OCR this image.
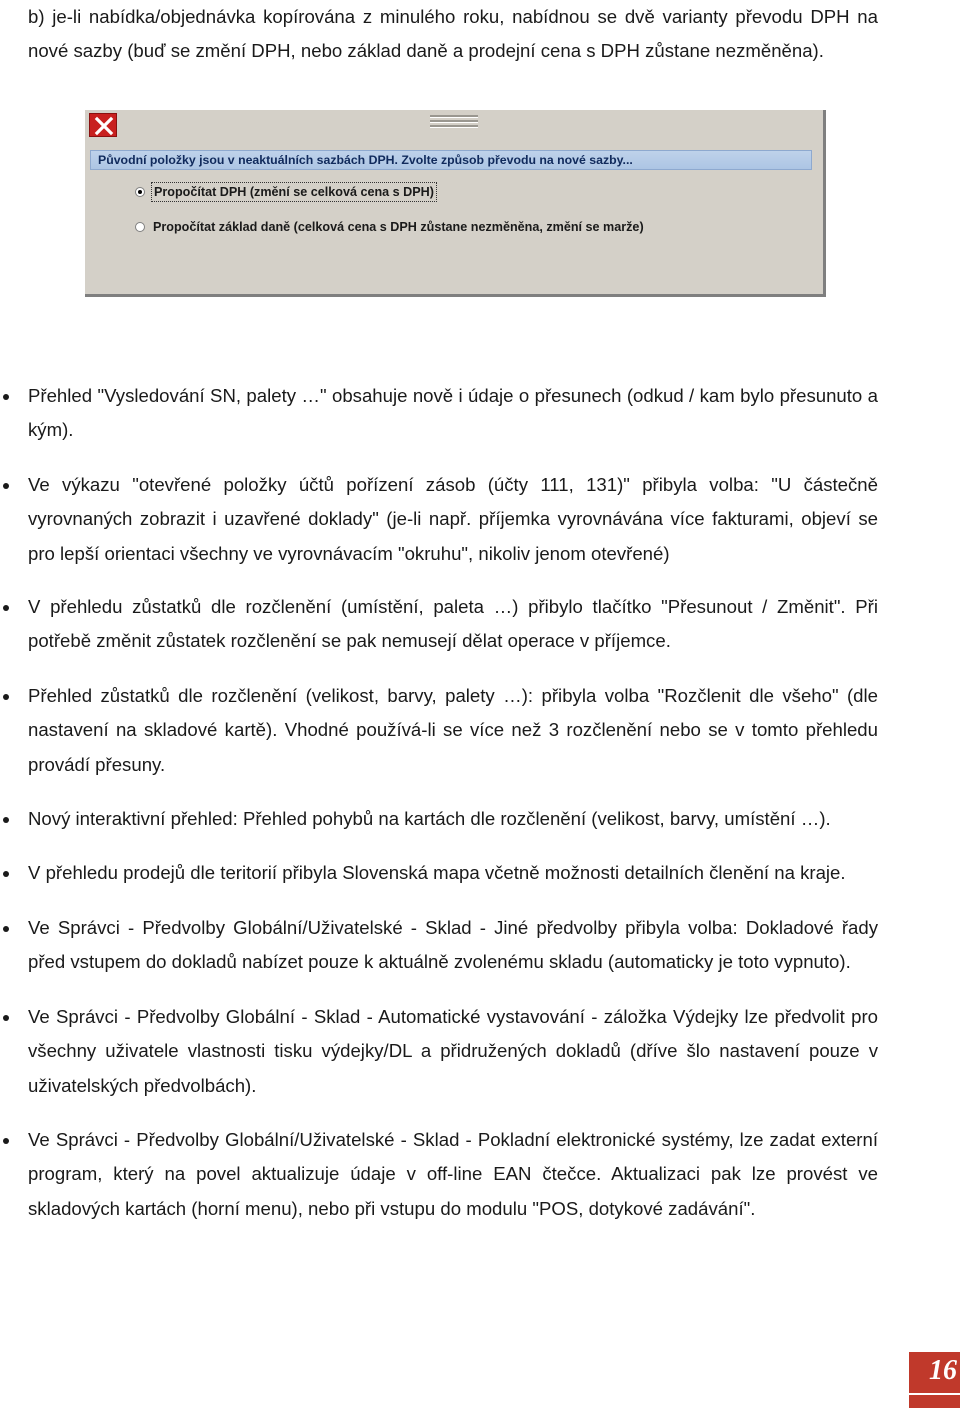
b) je-li nabídka/objednávka kopírována z minulého roku, nabídnou se dvě varianty převodu DPH na nové sazby (buď se změní DPH, nebo základ daně a prodejní cena s DPH zůstane nezměněna).
Původní položky jsou v neaktuálních sazbách DPH. Zvolte způsob převodu na nové sazby...
Propočítat DPH (změní se celková cena s DPH)
Propočítat základ daně (celková cena s DPH zůstane nezměněna, změní se marže)
Přehled "Vysledování SN, palety …" obsahuje nově i údaje o přesunech (odkud / kam bylo přesunuto a kým).
Ve výkazu "otevřené položky účtů pořízení zásob (účty 111, 131)" přibyla volba: "U částečně vyrovnaných zobrazit i uzavřené doklady" (je-li např. příjemka vyrovnávána více fakturami, objeví se pro lepší orientaci všechny ve vyrovnávacím "okruhu", nikoliv jenom otevřené)
V přehledu zůstatků dle rozčlenění (umístění, paleta …) přibylo tlačítko "Přesunout / Změnit". Při potřebě změnit zůstatek rozčlenění se pak nemusejí dělat operace v příjemce.
Přehled zůstatků dle rozčlenění (velikost, barvy, palety …): přibyla volba "Rozčlenit dle všeho" (dle nastavení na skladové kartě). Vhodné používá-li se více než 3 rozčlenění nebo se v tomto přehledu provádí přesuny.
Nový interaktivní přehled: Přehled pohybů na kartách dle rozčlenění (velikost, barvy, umístění …).
V přehledu prodejů dle teritorií přibyla Slovenská mapa včetně možnosti detailních členění na kraje.
Ve Správci - Předvolby Globální/Uživatelské - Sklad - Jiné předvolby přibyla volba: Dokladové řady před vstupem do dokladů nabízet pouze k aktuálně zvolenému skladu (automaticky je toto vypnuto).
Ve Správci - Předvolby Globální - Sklad - Automatické vystavování - záložka Výdejky lze předvolit pro všechny uživatele vlastnosti tisku výdejky/DL a přidružených dokladů (dříve šlo nastavení pouze v uživatelských předvolbách).
Ve Správci - Předvolby Globální/Uživatelské - Sklad - Pokladní elektronické systémy, lze zadat externí program, který na povel aktualizuje údaje v off-line EAN čtečce. Aktualizaci pak lze provést ve skladových kartách (horní menu), nebo při vstupu do modulu "POS, dotykové zadávání".
16
